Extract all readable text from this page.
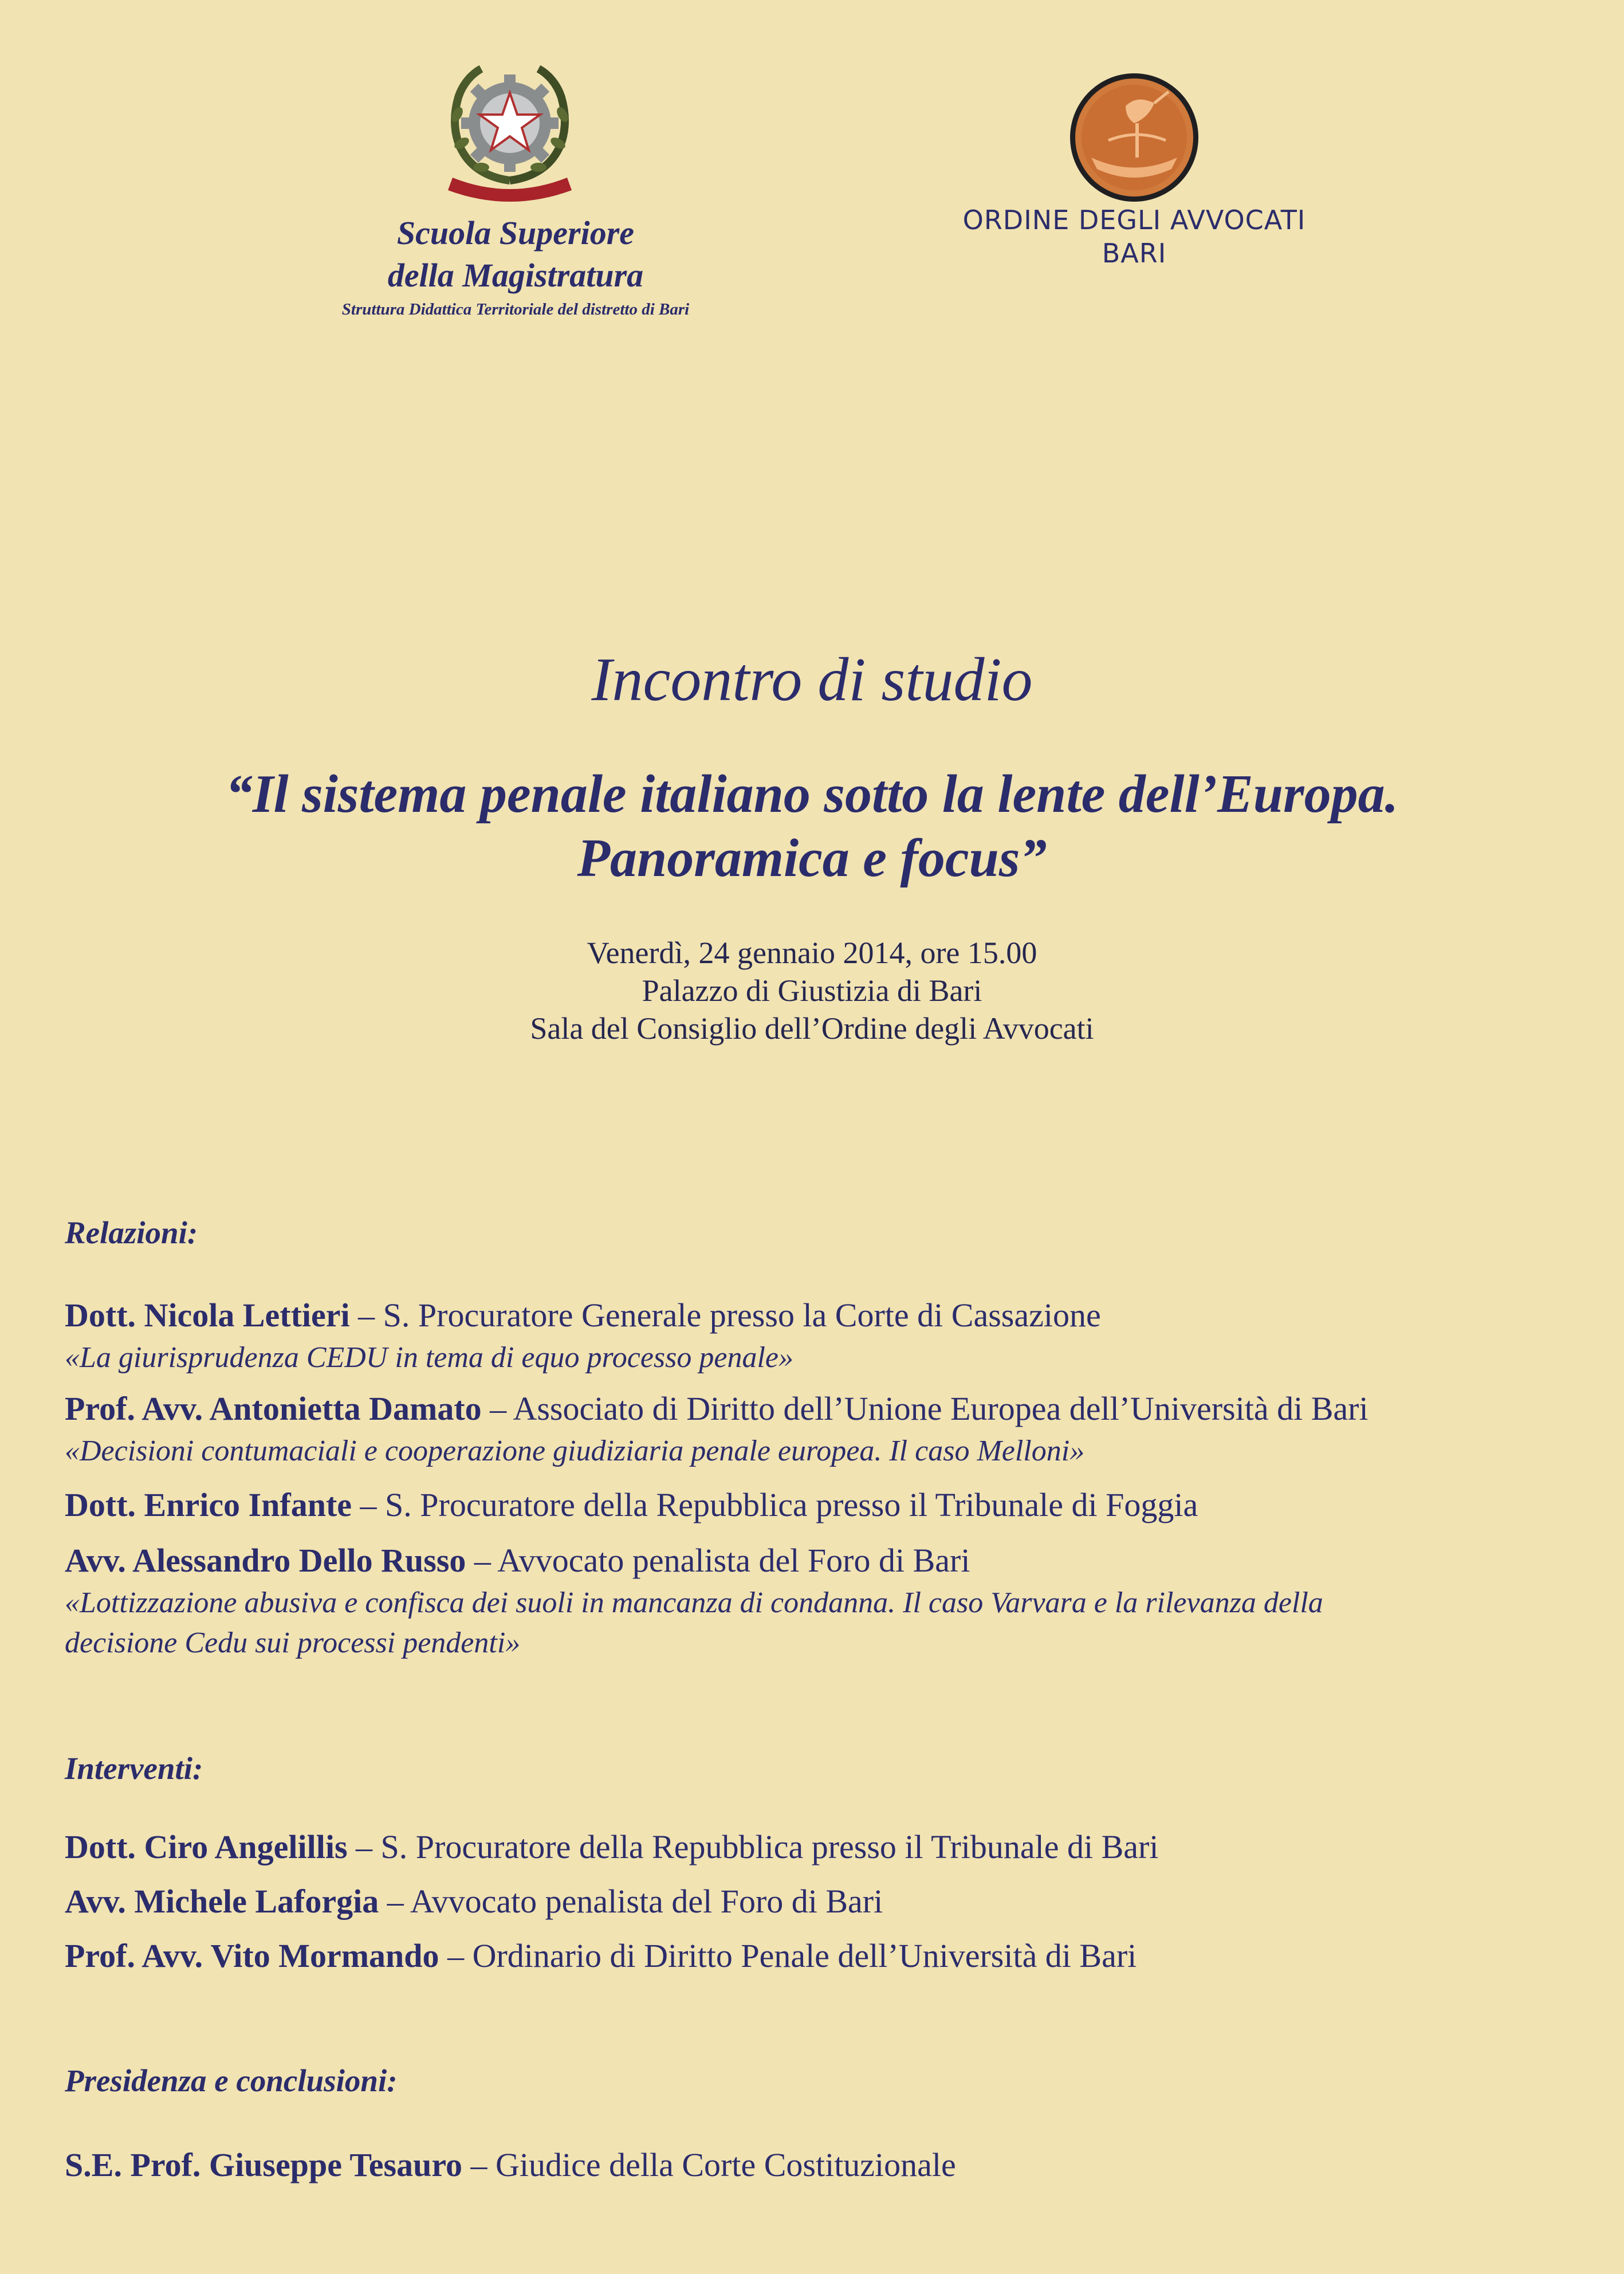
Scuola Superiore
della Magistratura
Struttura Didattica Territoriale del distretto di Bari
ORDINE DEGLI AVVOCATI
BARI
Incontro di studio
“Il sistema penale italiano sotto la lente dell’Europa.
Panoramica e focus”
Venerdì, 24 gennaio 2014, ore 15.00
Palazzo di Giustizia di Bari
Sala del Consiglio dell’Ordine degli Avvocati
Relazioni:
Dott. Nicola Lettieri – S. Procuratore Generale presso la Corte di Cassazione
«La giurisprudenza CEDU in tema di equo processo penale»
Prof. Avv. Antonietta Damato – Associato di Diritto dell’Unione Europea dell’Università di Bari
«Decisioni contumaciali e cooperazione giudiziaria penale europea. Il caso Melloni»
Dott. Enrico Infante – S. Procuratore della Repubblica presso il Tribunale di Foggia
Avv. Alessandro Dello Russo – Avvocato penalista del Foro di Bari
«Lottizzazione abusiva e confisca dei suoli in mancanza di condanna. Il caso Varvara e la rilevanza della
decisione Cedu sui processi pendenti»
Interventi:
Dott. Ciro Angelillis – S. Procuratore della Repubblica presso il Tribunale di Bari
Avv. Michele Laforgia – Avvocato penalista del Foro di Bari
Prof. Avv. Vito Mormando – Ordinario di Diritto Penale dell’Università di Bari
Presidenza e conclusioni:
S.E. Prof. Giuseppe Tesauro – Giudice della Corte Costituzionale
